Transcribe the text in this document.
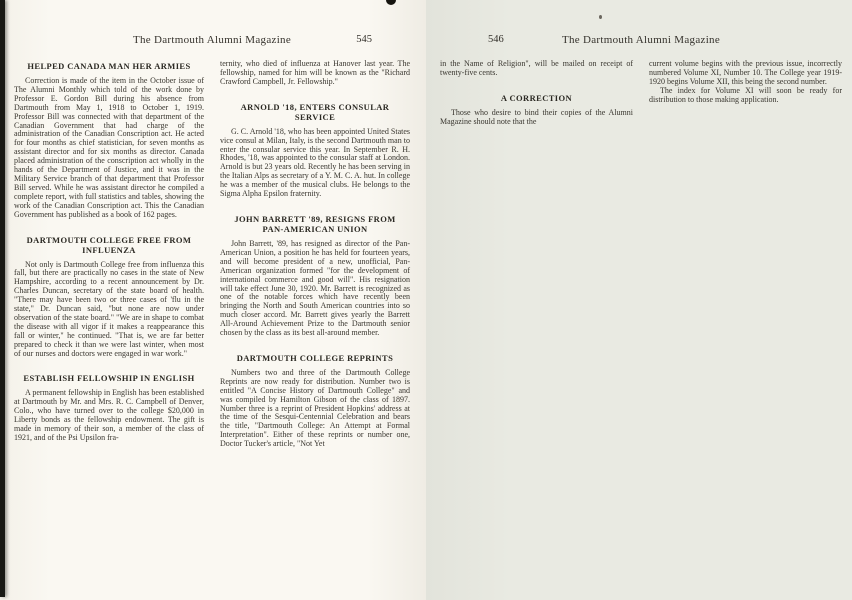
The Dartmouth Alumni Magazine	545
HELPED CANADA MAN HER ARMIES

Correction is made of the item in the October issue of The Alumni Monthly which told of the work done by Professor E. Gordon Bill during his absence from Dartmouth from May 1, 1918 to October 1, 1919. Professor Bill was connected with that department of the Canadian Government that had charge of the administration of the Canadian Conscription act. He acted for four months as chief statistician, for seven months as assistant director and for six months as director. Canada placed administration of the conscription act wholly in the hands of the Department of Justice, and it was in the Military Service branch of that department that Professor Bill served. While he was assistant director he compiled a complete report, with full statistics and tables, showing the work of the Canadian Conscription act. This the Canadian Government has published as a book of 162 pages.

DARTMOUTH COLLEGE FREE FROM INFLUENZA

Not only is Dartmouth College free from influenza this fall, but there are practically no cases in the state of New Hampshire, according to a recent announcement by Dr. Charles Duncan, secretary of the state board of health. "There may have been two or three cases of 'flu in the state," Dr. Duncan said, "but none are now under observation of the state board." "We are in shape to combat the disease with all vigor if it makes a reappearance this fall or winter," he continued. "That is, we are far better prepared to check it than we were last winter, when most of our nurses and doctors were engaged in war work."

ESTABLISH FELLOWSHIP IN ENGLISH

A permanent fellowship in English has been established at Dartmouth by Mr. and Mrs. R. C. Campbell of Denver, Colo., who have turned over to the college $20,000 in Liberty bonds as the fellowship endowment. The gift is made in memory of their son, a member of the class of 1921, and of the Psi Upsilon fra-

ternity, who died of influenza at Hanover last year. The fellowship, named for him will be known as the "Richard Crawford Campbell, Jr. Fellowship."

ARNOLD '18, ENTERS CONSULAR SERVICE

G. C. Arnold '18, who has been appointed United States vice consul at Milan, Italy, is the second Dartmouth man to enter the consular service this year. In September R. H. Rhodes, '18, was appointed to the consular staff at London. Arnold is but 23 years old. Recently he has been serving in the Italian Alps as secretary of a Y. M. C. A. hut. In college he was a member of the musical clubs. He belongs to the Sigma Alpha Epsilon fraternity.

JOHN BARRETT '89, RESIGNS FROM PAN-AMERICAN UNION

John Barrett, '89, has resigned as director of the Pan-American Union, a position he has held for fourteen years, and will become president of a new, unofficial, Pan-American organization formed "for the development of international commerce and good will". His resignation will take effect June 30, 1920. Mr. Barrett is recognized as one of the notable forces which have recently been bringing the North and South American countries into so much closer accord. Mr. Barrett gives yearly the Barrett All-Around Achievement Prize to the Dartmouth senior chosen by the class as its best all-around member.

DARTMOUTH COLLEGE REPRINTS

Numbers two and three of the Dartmouth College Reprints are now ready for distribution. Number two is entitled "A Concise History of Dartmouth College" and was compiled by Hamilton Gibson of the class of 1897. Number three is a reprint of President Hopkins' address at the time of the Sesqui-Centennial Celebration and bears the title, "Dartmouth College: An Attempt at Formal Interpretation". Either of these reprints or number one, Doctor Tucker's article, "Not Yet

546	The Dartmouth Alumni Magazine

in the Name of Religion", will be mailed on receipt of twenty-five cents.

A CORRECTION

Those who desire to bind their copies of the Alumni Magazine should note that the

current volume begins with the previous issue, incorrectly numbered Volume XI, Number 10. The College year 1919-1920 begins Volume XII, this being the second number.

The index for Volume XI will soon be ready for distribution to those making application.
